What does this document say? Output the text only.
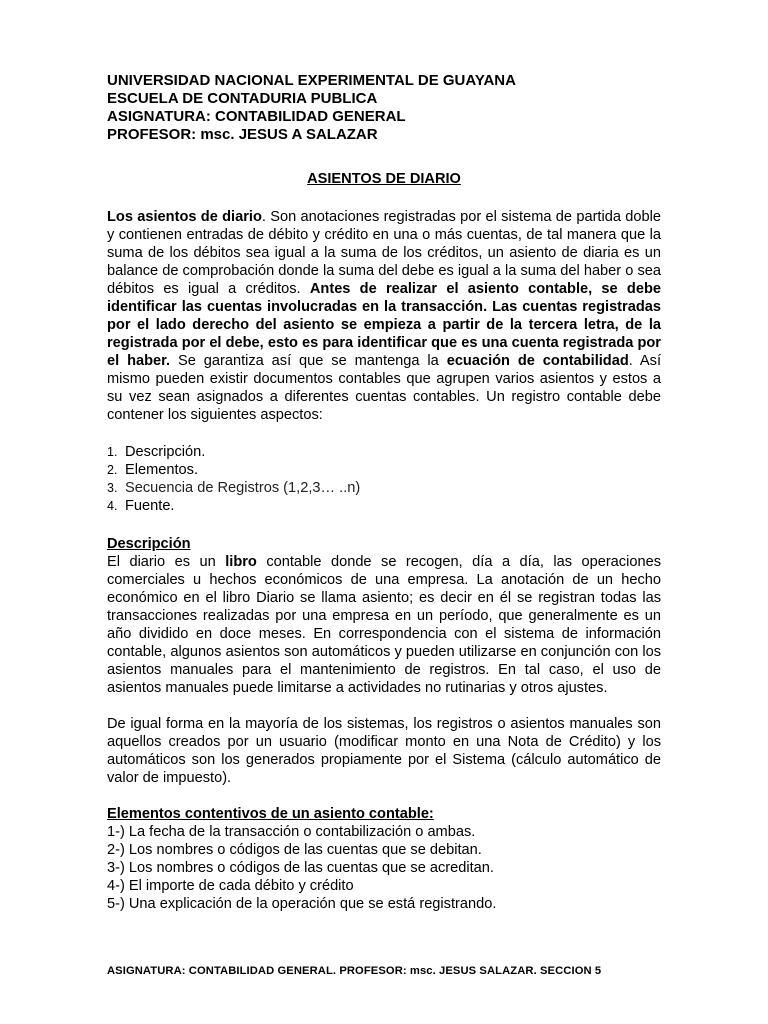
UNIVERSIDAD NACIONAL EXPERIMENTAL DE GUAYANA
ESCUELA DE CONTADURIA PUBLICA
ASIGNATURA: CONTABILIDAD GENERAL
PROFESOR: msc. JESUS A SALAZAR
ASIENTOS DE DIARIO

Los asientos de diario. Son anotaciones registradas por el sistema de partida doble y contienen entradas de débito y crédito en una o más cuentas, de tal manera que la suma de los débitos sea igual a la suma de los créditos, un asiento de diaria es un balance de comprobación donde la suma del debe es igual a la suma del haber o sea débitos es igual a créditos. Antes de realizar el asiento contable, se debe identificar las cuentas involucradas en la transacción. Las cuentas registradas por el lado derecho del asiento se empieza a partir de la tercera letra, de la registrada por el debe, esto es para identificar que es una cuenta registrada por el haber. Se garantiza así que se mantenga la ecuación de contabilidad. Así mismo pueden existir documentos contables que agrupen varios asientos y estos a su vez sean asignados a diferentes cuentas contables. Un registro contable debe contener los siguientes aspectos:

1. Descripción.
2. Elementos.
3. Secuencia de Registros (1,2,3… ..n)
4. Fuente.
Descripción

El diario es un libro contable donde se recogen, día a día, las operaciones comerciales u hechos económicos de una empresa. La anotación de un hecho económico en el libro Diario se llama asiento; es decir en él se registran todas las transacciones realizadas por una empresa en un período, que generalmente es un año dividido en doce meses. En correspondencia con el sistema de información contable, algunos asientos son automáticos y pueden utilizarse en conjunción con los asientos manuales para el mantenimiento de registros. En tal caso, el uso de asientos manuales puede limitarse a actividades no rutinarias y otros ajustes.

De igual forma en la mayoría de los sistemas, los registros o asientos manuales son aquellos creados por un usuario (modificar monto en una Nota de Crédito) y los automáticos son los generados propiamente por el Sistema (cálculo automático de valor de impuesto).

Elementos contentivos de un asiento contable:
1-) La fecha de la transacción o contabilización o ambas.
2-) Los nombres o códigos de las cuentas que se debitan.
3-) Los nombres o códigos de las cuentas que se acreditan.
4-) El importe de cada débito y crédito
5-) Una explicación de la operación que se está registrando.
ASIGNATURA: CONTABILIDAD GENERAL. PROFESOR: msc. JESUS SALAZAR. SECCION 5
